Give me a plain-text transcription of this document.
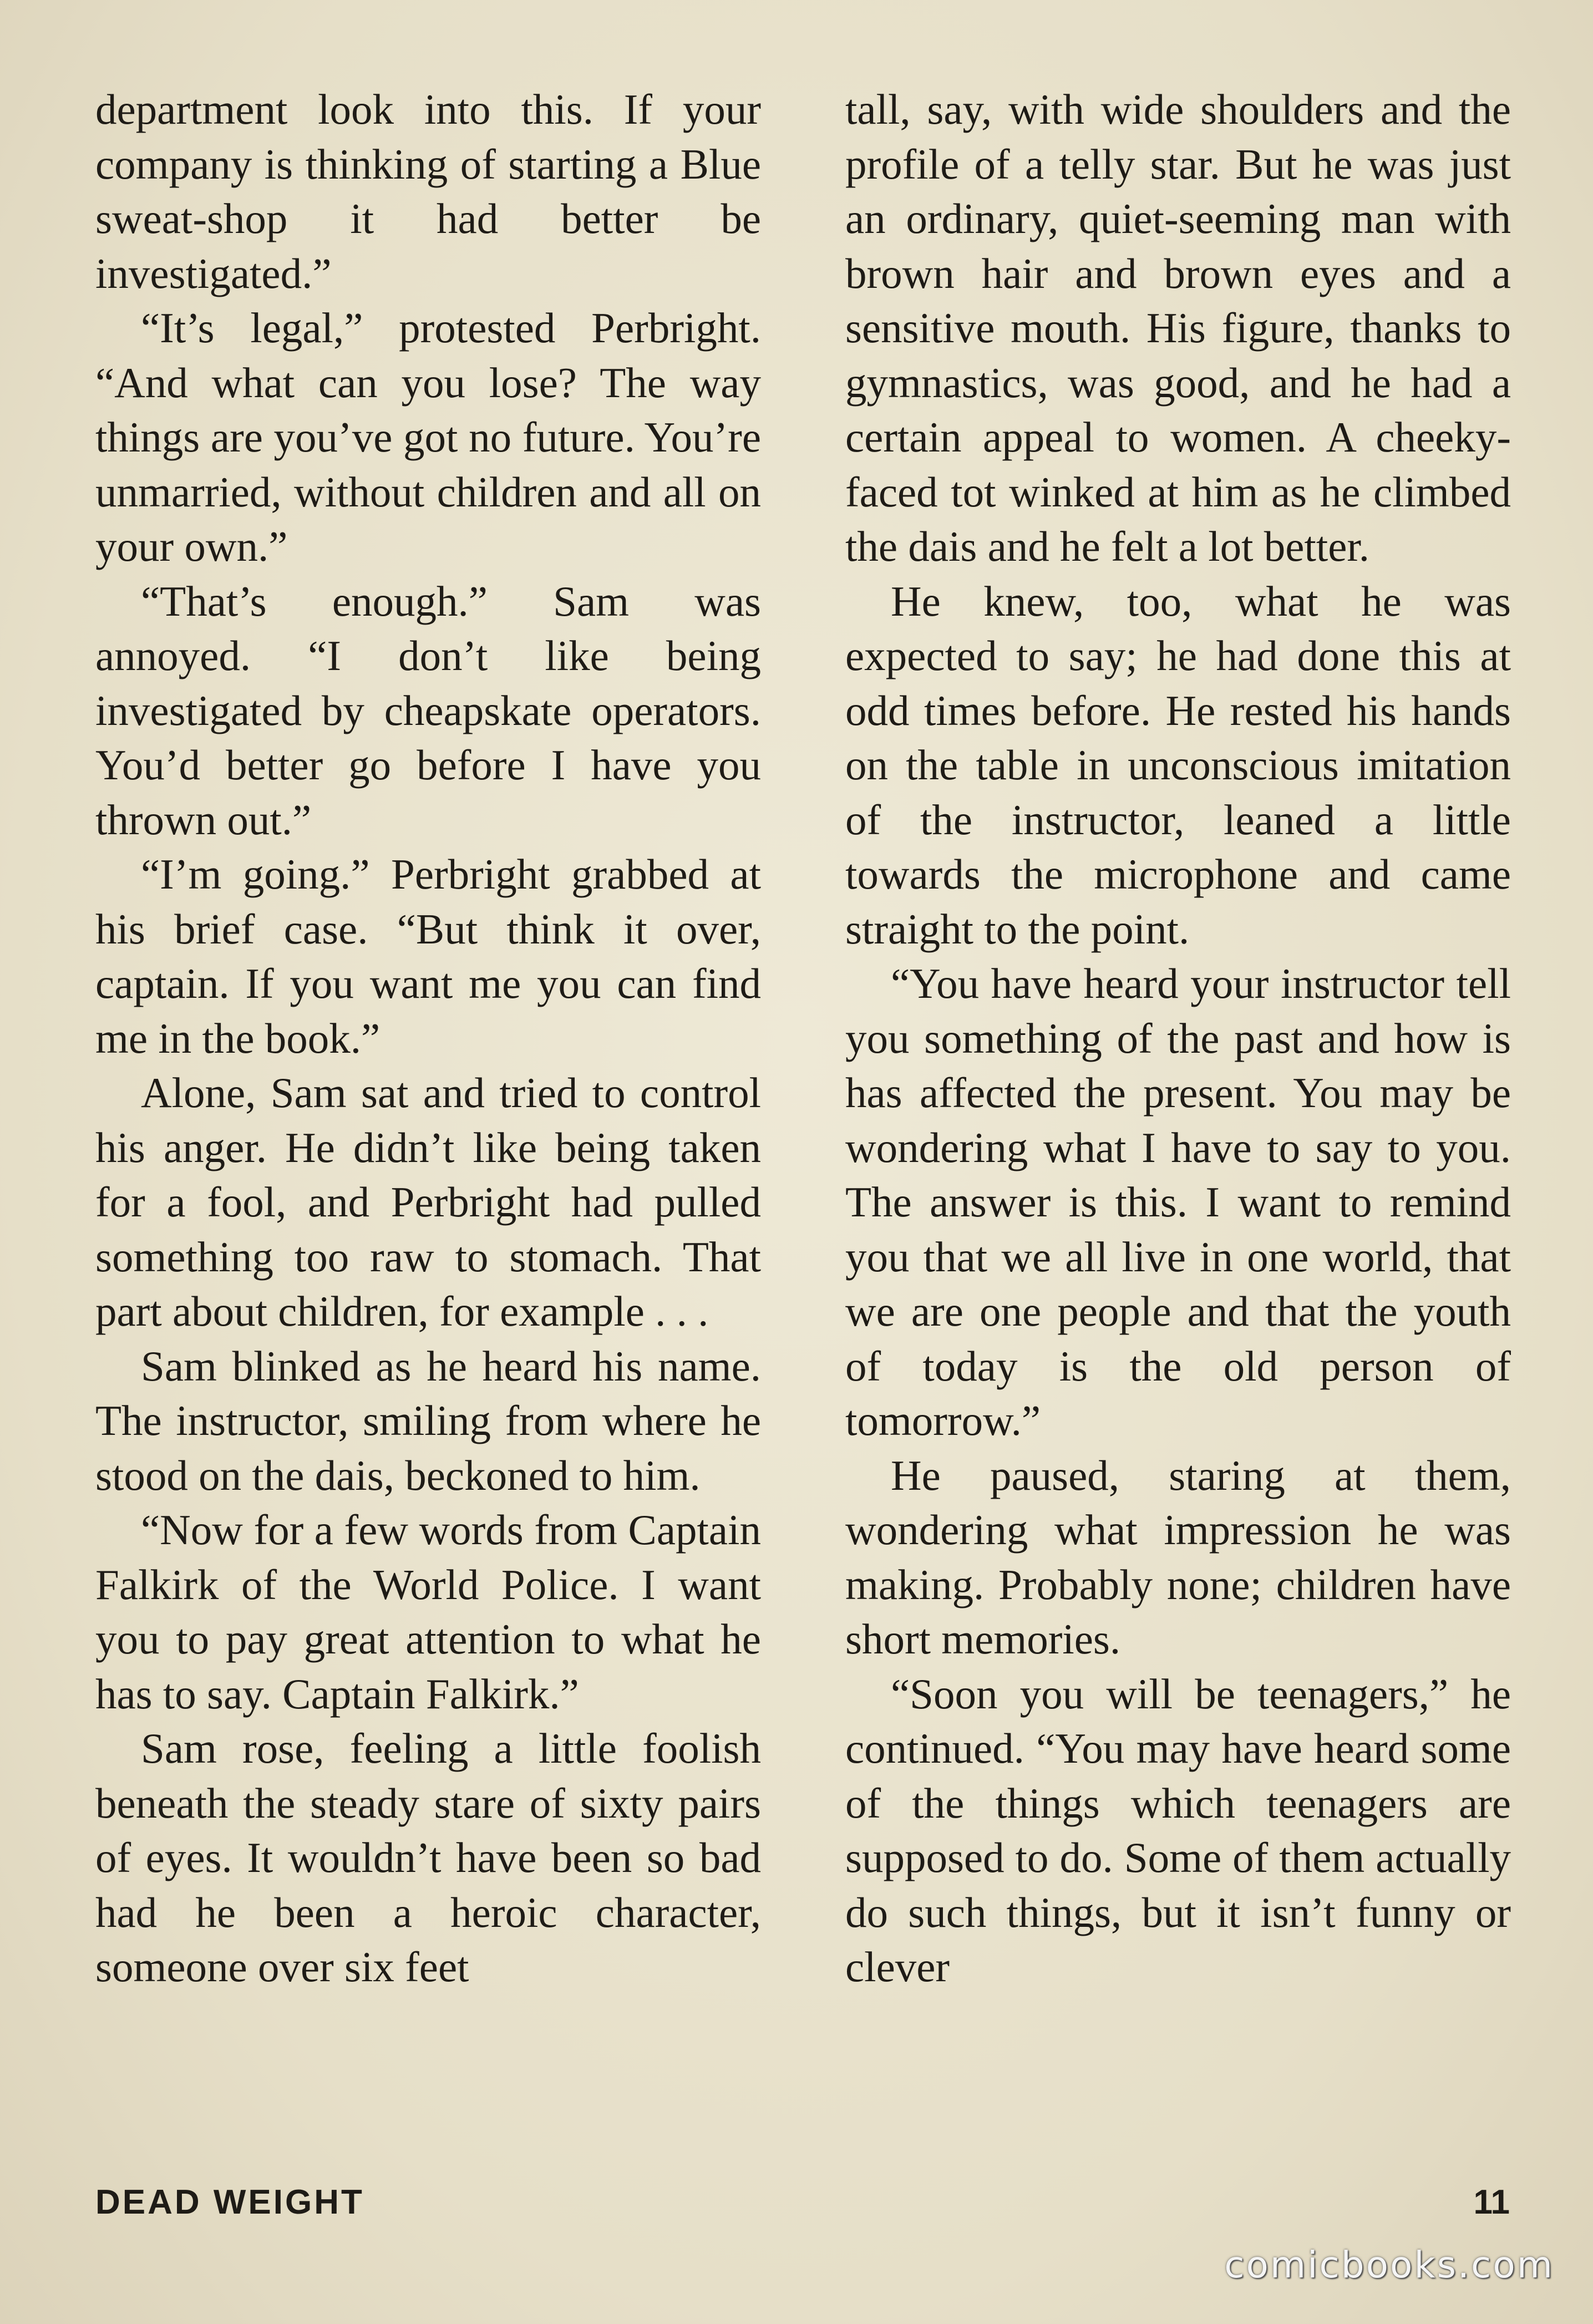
department look into this. If your company is thinking of starting a Blue sweat-shop it had better be investigated.”

“It’s legal,” protested Perbright. “And what can you lose? The way things are you’ve got no future. You’re unmarried, without children and all on your own.”

“That’s enough.” Sam was annoyed. “I don’t like being investigated by cheapskate operators. You’d better go before I have you thrown out.”

“I’m going.” Perbright grabbed at his brief case. “But think it over, captain. If you want me you can find me in the book.”

Alone, Sam sat and tried to control his anger. He didn’t like being taken for a fool, and Perbright had pulled something too raw to stomach. That part about children, for example . . .

Sam blinked as he heard his name. The instructor, smiling from where he stood on the dais, beckoned to him.

“Now for a few words from Captain Falkirk of the World Police. I want you to pay great attention to what he has to say. Captain Falkirk.”

Sam rose, feeling a little foolish beneath the steady stare of sixty pairs of eyes. It wouldn’t have been so bad had he been a heroic character, someone over six feet

tall, say, with wide shoulders and the profile of a telly star. But he was just an ordinary, quiet-seeming man with brown hair and brown eyes and a sensitive mouth. His figure, thanks to gymnastics, was good, and he had a certain appeal to women. A cheeky-faced tot winked at him as he climbed the dais and he felt a lot better.

He knew, too, what he was expected to say; he had done this at odd times before. He rested his hands on the table in unconscious imitation of the instructor, leaned a little towards the microphone and came straight to the point.

“You have heard your instructor tell you something of the past and how is has affected the present. You may be wondering what I have to say to you. The answer is this. I want to remind you that we all live in one world, that we are one people and that the youth of today is the old person of tomorrow.”

He paused, staring at them, wondering what impression he was making. Probably none; children have short memories.

“Soon you will be teenagers,” he continued. “You may have heard some of the things which teenagers are supposed to do. Some of them actually do such things, but it isn’t funny or clever

DEAD WEIGHT	11
comicbooks.com
